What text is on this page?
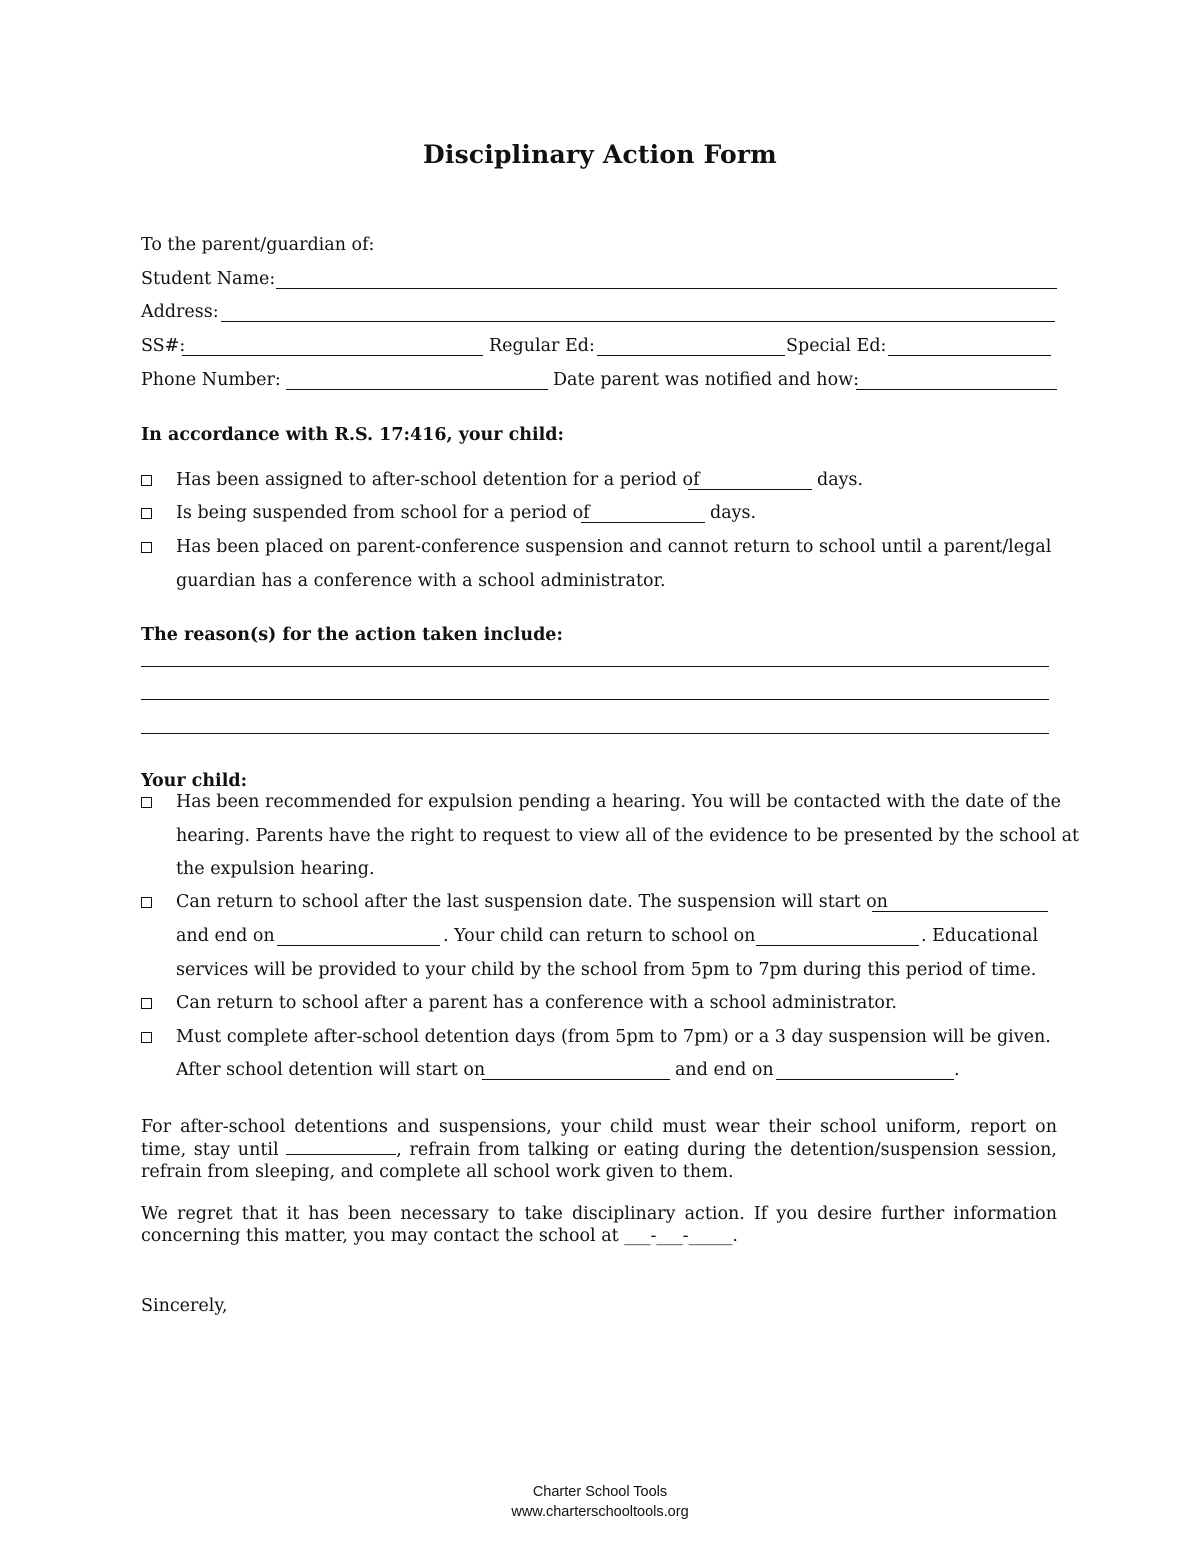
Disciplinary Action Form
To the parent/guardian of:
Student Name:
Address:
SS#:	Regular Ed:	Special Ed:
Phone Number:	Date parent was notified and how:
In accordance with R.S. 17:416, your child:
Has been assigned to after-school detention for a period of	days.
Is being suspended from school for a period of	days.
Has been placed on parent-conference suspension and cannot return to school until a parent/legal
guardian has a conference with a school administrator.
The reason(s) for the action taken include:
Your child:
Has been recommended for expulsion pending a hearing. You will be contacted with the date of the
hearing. Parents have the right to request to view all of the evidence to be presented by the school at
the expulsion hearing.
Can return to school after the last suspension date. The suspension will start on
and end on	. Your child can return to school on	. Educational
services will be provided to your child by the school from 5pm to 7pm during this period of time.
Can return to school after a parent has a conference with a school administrator.
Must complete after-school detention days (from 5pm to 7pm) or a 3 day suspension will be given.
After school detention will start on	and end on	.
For after-school detentions and suspensions, your child must wear their school uniform, report on time, stay until	, refrain from talking or eating during the detention/suspension session, refrain from sleeping, and complete all school work given to them.
We regret that it has been necessary to take disciplinary action. If you desire further information concerning this matter, you may contact the school at ___-___-_____.
Sincerely,
Charter School Tools
www.charterschooltools.org
